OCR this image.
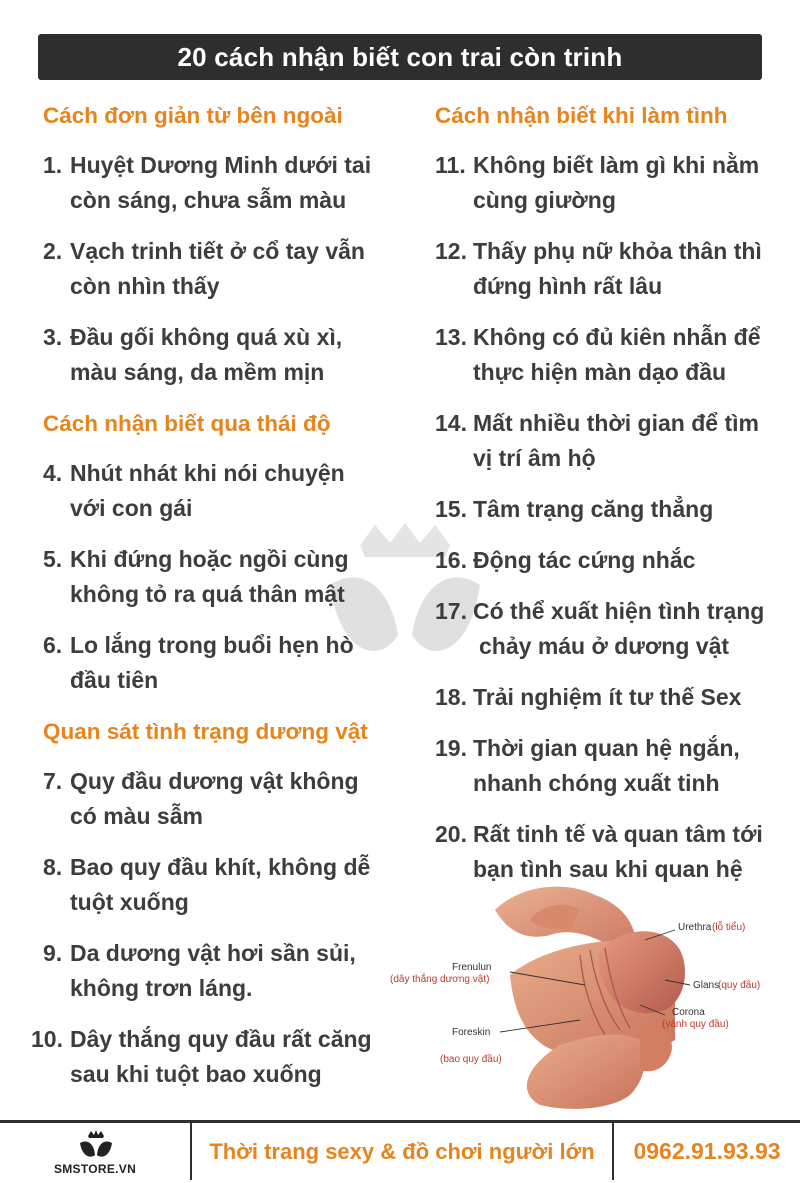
20 cách nhận biết con trai còn trinh
Cách đơn giản từ bên ngoài
1. Huyệt Dương Minh dưới tai
còn sáng, chưa sẫm màu
2. Vạch trinh tiết ở cổ tay vẫn
còn nhìn thấy
3. Đầu gối không quá xù xì,
màu sáng, da mềm mịn
Cách nhận biết qua thái độ
4. Nhút nhát khi nói chuyện
với con gái
5. Khi đứng hoặc ngồi cùng
không tỏ ra quá thân mật
6. Lo lắng trong buổi hẹn hò
đầu tiên
Quan sát tình trạng dương vật
7. Quy đầu dương vật không
có màu sẫm
8. Bao quy đầu khít, không dễ
tuột xuống
9. Da dương vật hơi sần sủi,
không trơn láng.
10. Dây thắng quy đầu rất căng
sau khi tuột bao xuống
Cách nhận biết khi làm tình
11. Không biết làm gì khi nằm
cùng giường
12. Thấy phụ nữ khỏa thân thì
đứng hình rất lâu
13. Không có đủ kiên nhẫn để
thực hiện màn dạo đầu
14. Mất nhiều thời gian để tìm
vị trí âm hộ
15. Tâm trạng căng thẳng
16. Động tác cứng nhắc
17. Có thể xuất hiện tình trạng
chảy máu ở dương vật
18. Trải nghiệm ít tư thế Sex
19. Thời gian quan hệ ngắn,
nhanh chóng xuất tinh
20. Rất tinh tế và quan tâm tới
bạn tình sau khi quan hệ
Urethra (lỗ tiểu)
Frenulun
(dây thắng dương vật)
Glans
(quy đầu)
Corona
(vành quy đầu)
Foreskin
(bao quy đầu)
SMSTORE.VN
Thời trang sexy & đồ chơi người lớn	0962.91.93.93
